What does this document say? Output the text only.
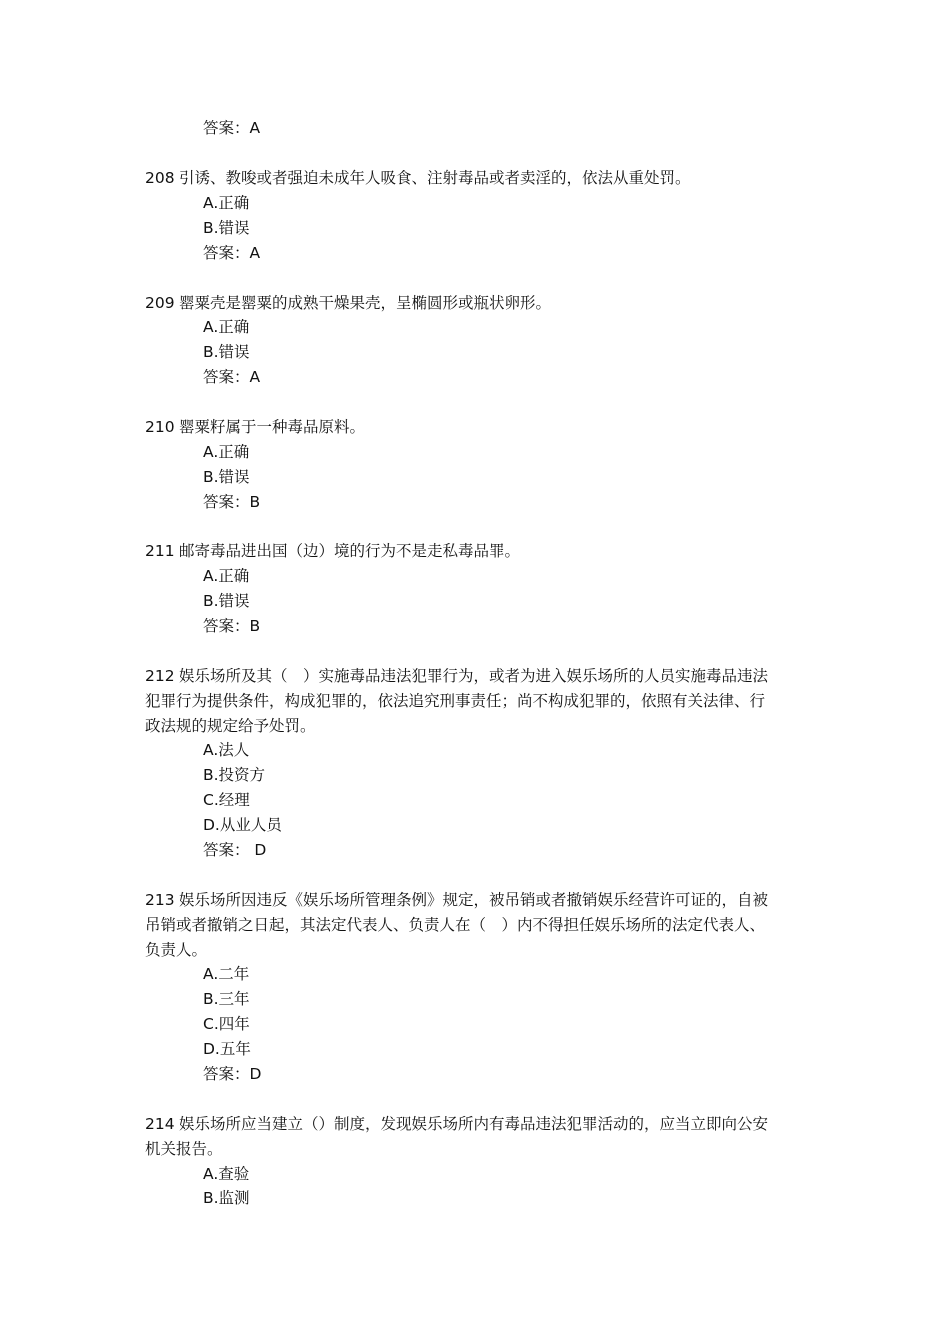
答案：A
208 引诱、教唆或者强迫未成年人吸食、注射毒品或者卖淫的，依法从重处罚。
A.正确
B.错误
答案：A
209 罂粟壳是罂粟的成熟干燥果壳，呈椭圆形或瓶状卵形。
A.正确
B.错误
答案：A
210 罂粟籽属于一种毒品原料。
A.正确
B.错误
答案：B
211 邮寄毒品进出国（边）境的行为不是走私毒品罪。
A.正确
B.错误
答案：B
212 娱乐场所及其（　）实施毒品违法犯罪行为，或者为进入娱乐场所的人员实施毒品违法
犯罪行为提供条件，构成犯罪的，依法追究刑事责任；尚不构成犯罪的，依照有关法律、行
政法规的规定给予处罚。
A.法人
B.投资方
C.经理
D.从业人员
答案： D
213 娱乐场所因违反《娱乐场所管理条例》规定，被吊销或者撤销娱乐经营许可证的，自被
吊销或者撤销之日起，其法定代表人、负责人在（　）内不得担任娱乐场所的法定代表人、
负责人。
A.二年
B.三年
C.四年
D.五年
答案：D
214 娱乐场所应当建立（）制度，发现娱乐场所内有毒品违法犯罪活动的，应当立即向公安
机关报告。
A.查验
B.监测
